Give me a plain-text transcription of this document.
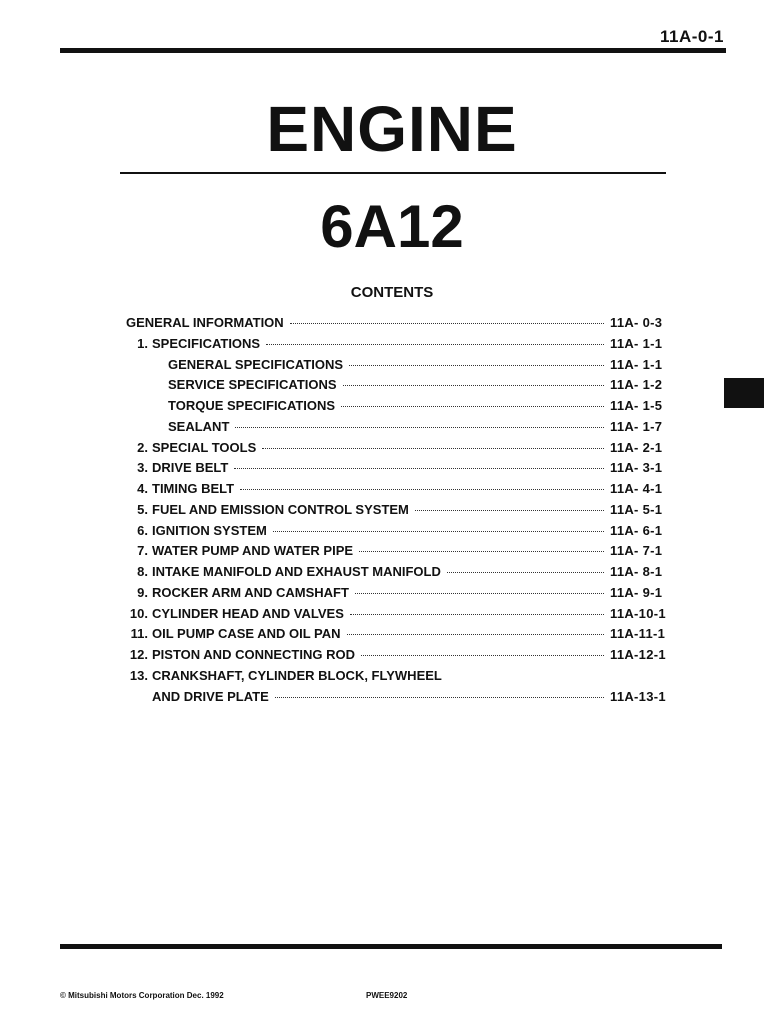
11A-0-1
ENGINE
6A12
CONTENTS
GENERAL INFORMATION	11A- 0-3
1. SPECIFICATIONS	11A- 1-1
GENERAL SPECIFICATIONS	11A- 1-1
SERVICE SPECIFICATIONS	11A- 1-2
TORQUE SPECIFICATIONS	11A- 1-5
SEALANT	11A- 1-7
2. SPECIAL TOOLS	11A- 2-1
3. DRIVE BELT	11A- 3-1
4. TIMING BELT	11A- 4-1
5. FUEL AND EMISSION CONTROL SYSTEM	11A- 5-1
6. IGNITION SYSTEM	11A- 6-1
7. WATER PUMP AND WATER PIPE	11A- 7-1
8. INTAKE MANIFOLD AND EXHAUST MANIFOLD	11A- 8-1
9. ROCKER ARM AND CAMSHAFT	11A- 9-1
10. CYLINDER HEAD AND VALVES	11A-10-1
11. OIL PUMP CASE AND OIL PAN	11A-11-1
12. PISTON AND CONNECTING ROD	11A-12-1
13. CRANKSHAFT, CYLINDER BLOCK, FLYWHEEL
AND DRIVE PLATE	11A-13-1
© Mitsubishi Motors Corporation Dec. 1992	PWEE9202
